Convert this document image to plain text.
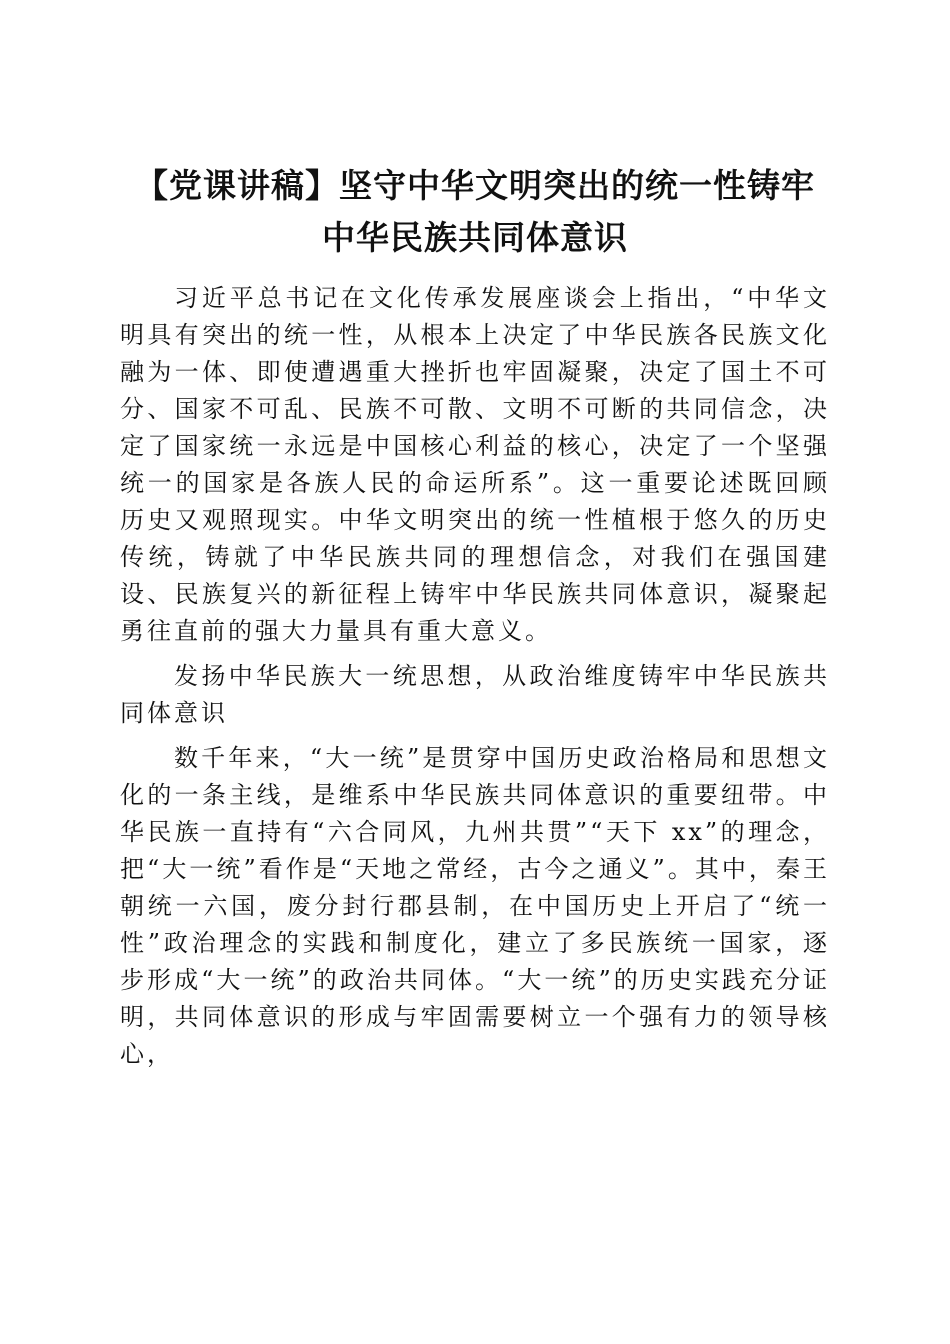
【党课讲稿】坚守中华文明突出的统一性铸牢
中华民族共同体意识

习近平总书记在文化传承发展座谈会上指出，“中华文明具有突出的统一性，从根本上决定了中华民族各民族文化融为一体、即使遭遇重大挫折也牢固凝聚，决定了国土不可分、国家不可乱、民族不可散、文明不可断的共同信念，决定了国家统一永远是中国核心利益的核心，决定了一个坚强统一的国家是各族人民的命运所系”。这一重要论述既回顾历史又观照现实。中华文明突出的统一性植根于悠久的历史传统，铸就了中华民族共同的理想信念，对我们在强国建设、民族复兴的新征程上铸牢中华民族共同体意识，凝聚起勇往直前的强大力量具有重大意义。

发扬中华民族大一统思想，从政治维度铸牢中华民族共同体意识

数千年来，“大一统”是贯穿中国历史政治格局和思想文化的一条主线，是维系中华民族共同体意识的重要纽带。中华民族一直持有“六合同风，九州共贯”“天下 xx”的理念，把“大一统”看作是“天地之常经，古今之通义”。其中，秦王朝统一六国，废分封行郡县制，在中国历史上开启了“统一性”政治理念的实践和制度化，建立了多民族统一国家，逐步形成“大一统”的政治共同体。“大一统”的历史实践充分证明，共同体意识的形成与牢固需要树立一个强有力的领导核心，
